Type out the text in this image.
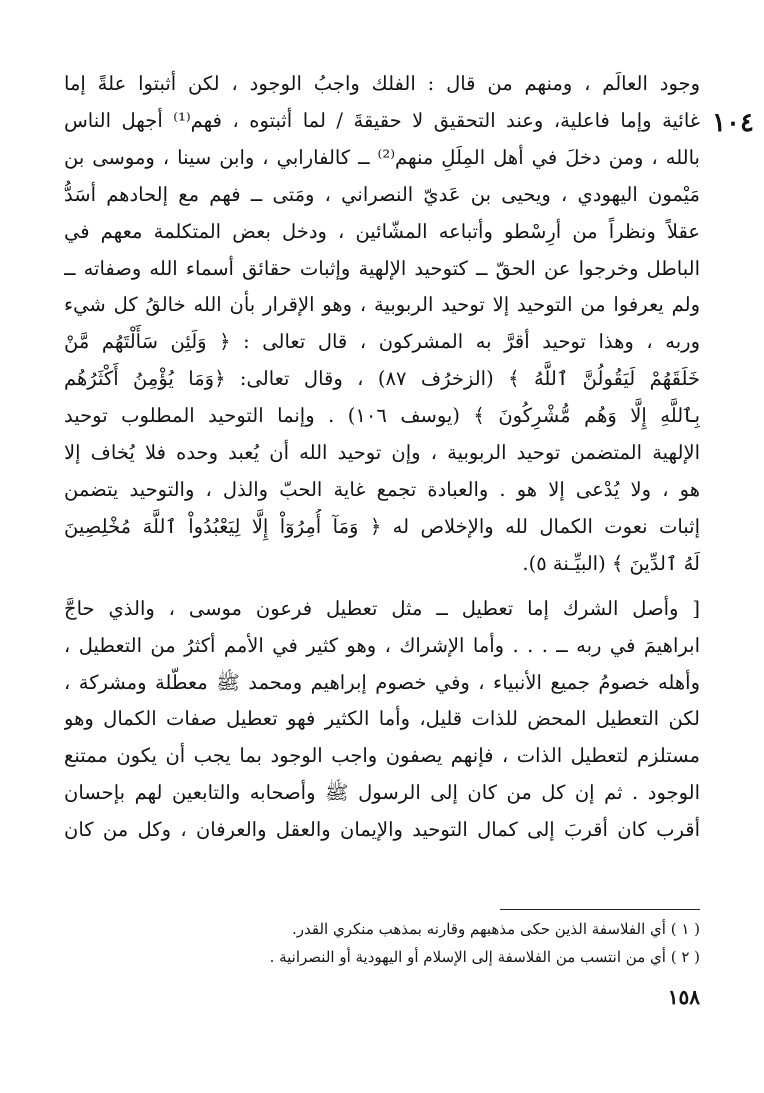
١٠٤

وجود العالَم ، ومنهم من قال : الفلك واجبُ الوجود ، لكن أثبتوا علةً إما
غائية وإما فاعلية، وعند التحقيق لا حقيقةَ / لما أثبتوه ، فهم⁽¹⁾ أجهل الناس
بالله ، ومن دخلَ في أهل المِلَلِ منهم⁽²⁾ ــ كالفارابي ، وابن سينا ، وموسى بن
مَيْمون اليهودي ، ويحيى بن عَديّ النصراني ، ومَتى ــ فهم مع إلحادهم أسَدُّ
عقلاً ونظراً من أرِسْطو وأتباعه المشّائين ، ودخل بعض المتكلمة معهم في
الباطل وخرجوا عن الحقّ ــ كتوحيد الإلهية وإثبات حقائق أسماء الله وصفاته ــ
ولم يعرفوا من التوحيد إلا توحيد الربوبية ، وهو الإقرار بأن الله خالقُ كل شيء
وربه ، وهذا توحيد أقرَّ به المشركون ، قال تعالى : ﴿ وَلَئِن سَأَلْتَهُم مَّنْ
خَلَقَهُمْ لَيَقُولُنَّ ٱللَّهُ ﴾ (الزخرُف ٨٧) ، وقال تعالى: ﴿وَمَا يُؤْمِنُ أَكْثَرُهُم
بِٱللَّهِ إِلَّا وَهُم مُّشْرِكُونَ ﴾ (يوسف ١٠٦) . وإنما التوحيد المطلوب توحيد
الإلهية المتضمن توحيد الربوبية ، وإن توحيد الله أن يُعبد وحده فلا يُخاف إلا
هو ، ولا يُدْعى إلا هو . والعبادة تجمع غاية الحبّ والذل ، والتوحيد يتضمن
إثبات نعوت الكمال لله والإخلاص له ﴿ وَمَآ أُمِرُوٓاْ إِلَّا لِيَعْبُدُواْ ٱللَّهَ مُخْلِصِينَ
لَهُ ٱلدِّينَ ﴾ (البيِّـنة ٥).

[ وأصل الشرك إما تعطيل ــ مثل تعطيل فرعون موسى ، والذي حاجَّ
ابراهيمَ في ربه ــ . . . وأما الإشراك ، وهو كثير في الأمم أكثرُ من التعطيل ،
وأهله خصومُ جميع الأنبياء ، وفي خصوم إبراهيم ومحمد ﷺ معطّلة ومشركة ،
لكن التعطيل المحض للذات قليل، وأما الكثير فهو تعطيل صفات الكمال وهو
مستلزم لتعطيل الذات ، فإنهم يصفون واجب الوجود بما يجب أن يكون ممتنع
الوجود . ثم إن كل من كان إلى الرسول ﷺ وأصحابه والتابعين لهم بإحسان
أقرب كان أقربَ إلى كمال التوحيد والإيمان والعقل والعرفان ، وكل من كان

( ١ ) أي الفلاسفة الذين حكى مذهبهم وقارنه بمذهب منكري القدر.
( ٢ ) أي من انتسب من الفلاسفة إلى الإسلام أو اليهودية أو النصرانية .
١٥٨
